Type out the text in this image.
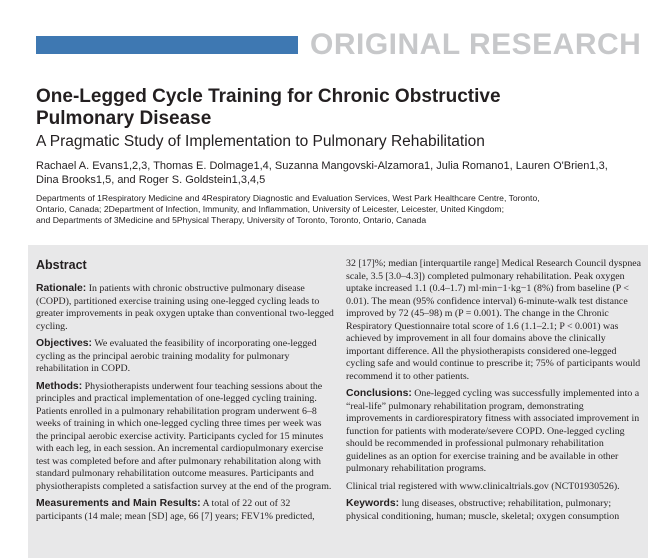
ORIGINAL RESEARCH
One-Legged Cycle Training for Chronic Obstructive
Pulmonary Disease
A Pragmatic Study of Implementation to Pulmonary Rehabilitation
Rachael A. Evans1,2,3, Thomas E. Dolmage1,4, Suzanna Mangovski-Alzamora1, Julia Romano1, Lauren O'Brien1,3,
Dina Brooks1,5, and Roger S. Goldstein1,3,4,5
Departments of 1Respiratory Medicine and 4Respiratory Diagnostic and Evaluation Services, West Park Healthcare Centre, Toronto,
Ontario, Canada; 2Department of Infection, Immunity, and Inflammation, University of Leicester, Leicester, United Kingdom;
and Departments of 3Medicine and 5Physical Therapy, University of Toronto, Toronto, Ontario, Canada
Abstract

Rationale: In patients with chronic obstructive pulmonary disease (COPD), partitioned exercise training using one-legged cycling leads to greater improvements in peak oxygen uptake than conventional two-legged cycling.

Objectives: We evaluated the feasibility of incorporating one-legged cycling as the principal aerobic training modality for pulmonary rehabilitation in COPD.

Methods: Physiotherapists underwent four teaching sessions about the principles and practical implementation of one-legged cycling training. Patients enrolled in a pulmonary rehabilitation program underwent 6–8 weeks of training in which one-legged cycling three times per week was the principal aerobic exercise activity. Participants cycled for 15 minutes with each leg, in each session. An incremental cardiopulmonary exercise test was completed before and after pulmonary rehabilitation along with standard pulmonary rehabilitation outcome measures. Participants and physiotherapists completed a satisfaction survey at the end of the program.

Measurements and Main Results: A total of 22 out of 32 participants (14 male; mean [SD] age, 66 [7] years; FEV1% predicted,

32 [17]%; median [interquartile range] Medical Research Council dyspnea scale, 3.5 [3.0–4.3]) completed pulmonary rehabilitation. Peak oxygen uptake increased 1.1 (0.4–1.7) ml·min−1·kg−1 (8%) from baseline (P < 0.01). The mean (95% confidence interval) 6-minute-walk test distance improved by 72 (45–98) m (P = 0.001). The change in the Chronic Respiratory Questionnaire total score of 1.6 (1.1–2.1; P < 0.001) was achieved by improvement in all four domains above the clinically important difference. All the physiotherapists considered one-legged cycling safe and would continue to prescribe it; 75% of participants would recommend it to other patients.

Conclusions: One-legged cycling was successfully implemented into a “real-life” pulmonary rehabilitation program, demonstrating improvements in cardiorespiratory fitness with associated improvement in function for patients with moderate/severe COPD. One-legged cycling should be recommended in professional pulmonary rehabilitation guidelines as an option for exercise training and be available in other pulmonary rehabilitation programs.

Clinical trial registered with www.clinicaltrials.gov (NCT01930526).

Keywords: lung diseases, obstructive; rehabilitation, pulmonary; physical conditioning, human; muscle, skeletal; oxygen consumption
